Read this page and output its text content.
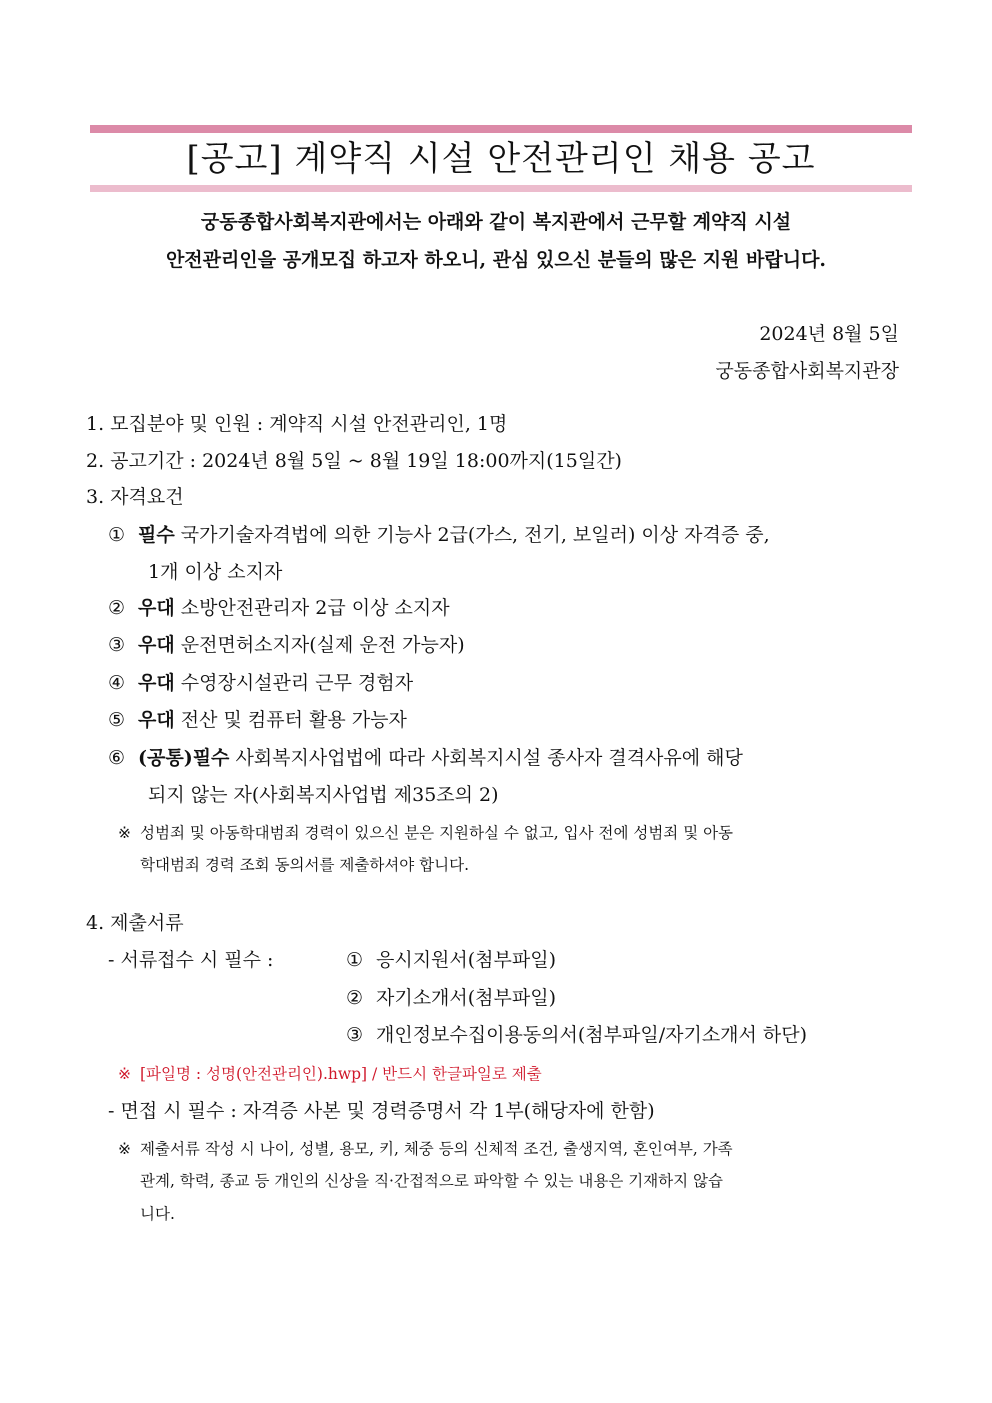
[공고] 계약직 시설 안전관리인 채용 공고
궁동종합사회복지관에서는 아래와 같이 복지관에서 근무할 계약직 시설
안전관리인을 공개모집 하고자 하오니, 관심 있으신 분들의 많은 지원 바랍니다.
2024년 8월 5일
궁동종합사회복지관장
1. 모집분야 및 인원 : 계약직 시설 안전관리인, 1명
2. 공고기간 : 2024년 8월 5일 ~ 8월 19일 18:00까지(15일간)
3. 자격요건
① 필수 국가기술자격법에 의한 기능사 2급(가스, 전기, 보일러) 이상 자격증 중,
1개 이상 소지자
② 우대 소방안전관리자 2급 이상 소지자
③ 우대 운전면허소지자(실제 운전 가능자)
④ 우대 수영장시설관리 근무 경험자
⑤ 우대 전산 및 컴퓨터 활용 가능자
⑥ (공통)필수 사회복지사업법에 따라 사회복지시설 종사자 결격사유에 해당
되지 않는 자(사회복지사업법 제35조의 2)
※ 성범죄 및 아동학대범죄 경력이 있으신 분은 지원하실 수 없고, 입사 전에 성범죄 및 아동
학대범죄 경력 조회 동의서를 제출하셔야 합니다.
4. 제출서류
- 서류접수 시 필수 :	① 응시지원서(첨부파일)
② 자기소개서(첨부파일)
③ 개인정보수집이용동의서(첨부파일/자기소개서 하단)
※ [파일명 : 성명(안전관리인).hwp] / 반드시 한글파일로 제출
- 면접 시 필수 : 자격증 사본 및 경력증명서 각 1부(해당자에 한함)
※ 제출서류 작성 시 나이, 성별, 용모, 키, 체중 등의 신체적 조건, 출생지역, 혼인여부, 가족
관계, 학력, 종교 등 개인의 신상을 직·간접적으로 파악할 수 있는 내용은 기재하지 않습
니다.
